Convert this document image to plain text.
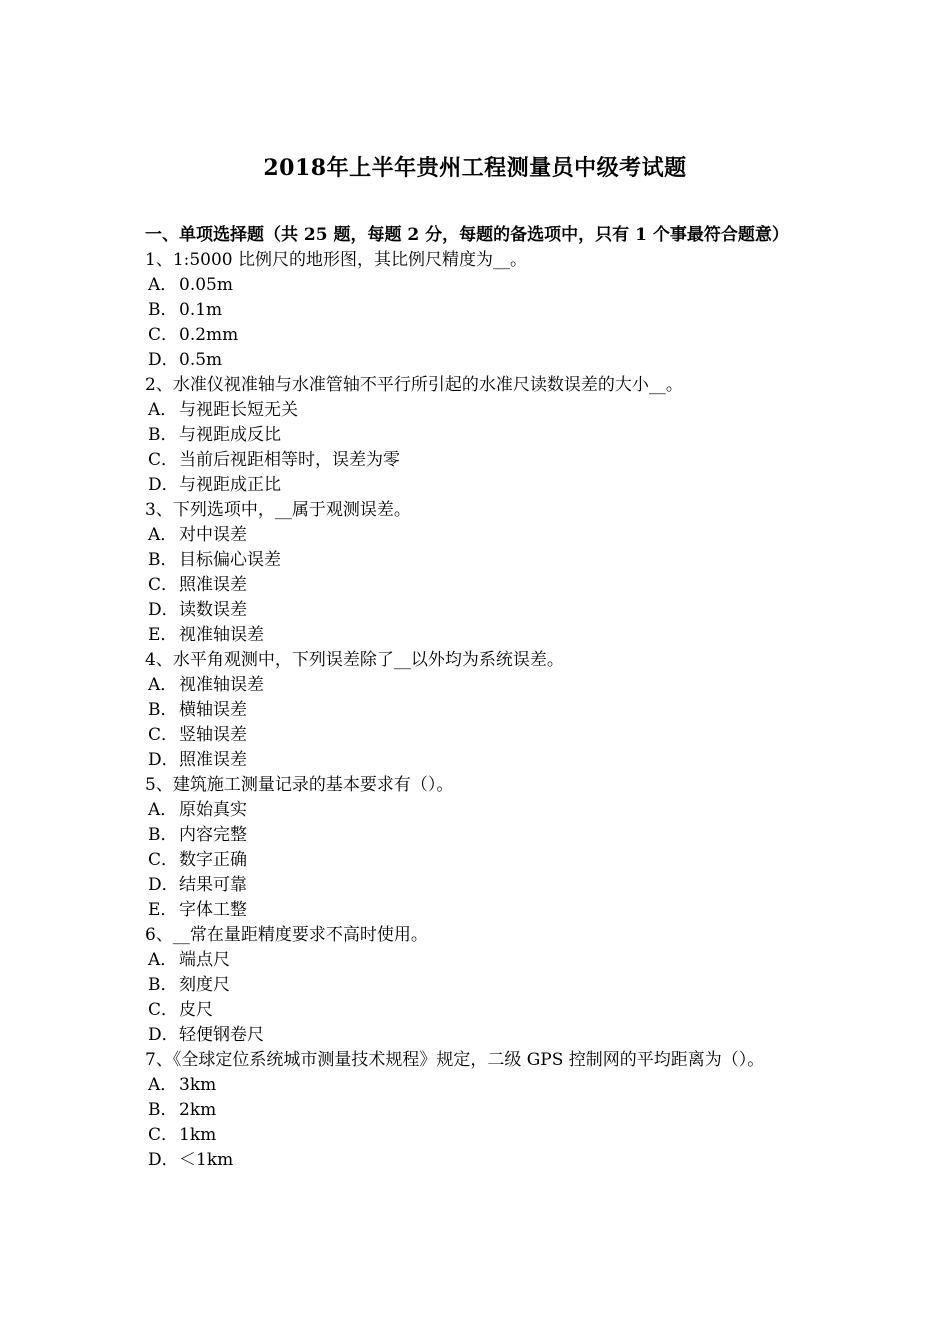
2018年上半年贵州工程测量员中级考试题
一、单项选择题（共 25 题，每题 2 分，每题的备选项中，只有 1 个事最符合题意）
1、1:5000 比例尺的地形图，其比例尺精度为__。
A． 0.05m
B．0.1m
C．0.2mm
D．0.5m
2、水准仪视准轴与水准管轴不平行所引起的水准尺读数误差的大小__。
A． 与视距长短无关
B．与视距成反比
C．当前后视距相等时，误差为零
D．与视距成正比
3、下列选项中，__属于观测误差。
A． 对中误差
B．目标偏心误差
C．照准误差
D．读数误差
E．视准轴误差
4、水平角观测中，下列误差除了__以外均为系统误差。
A． 视准轴误差
B．横轴误差
C．竖轴误差
D．照准误差
5、建筑施工测量记录的基本要求有（）。
A． 原始真实
B．内容完整
C．数字正确
D．结果可靠
E．字体工整
6、__常在量距精度要求不高时使用。
A． 端点尺
B．刻度尺
C．皮尺
D．轻便钢卷尺
7、《全球定位系统城市测量技术规程》规定，二级 GPS 控制网的平均距离为（）。
A． 3km
B．2km
C．1km
D．＜1km
